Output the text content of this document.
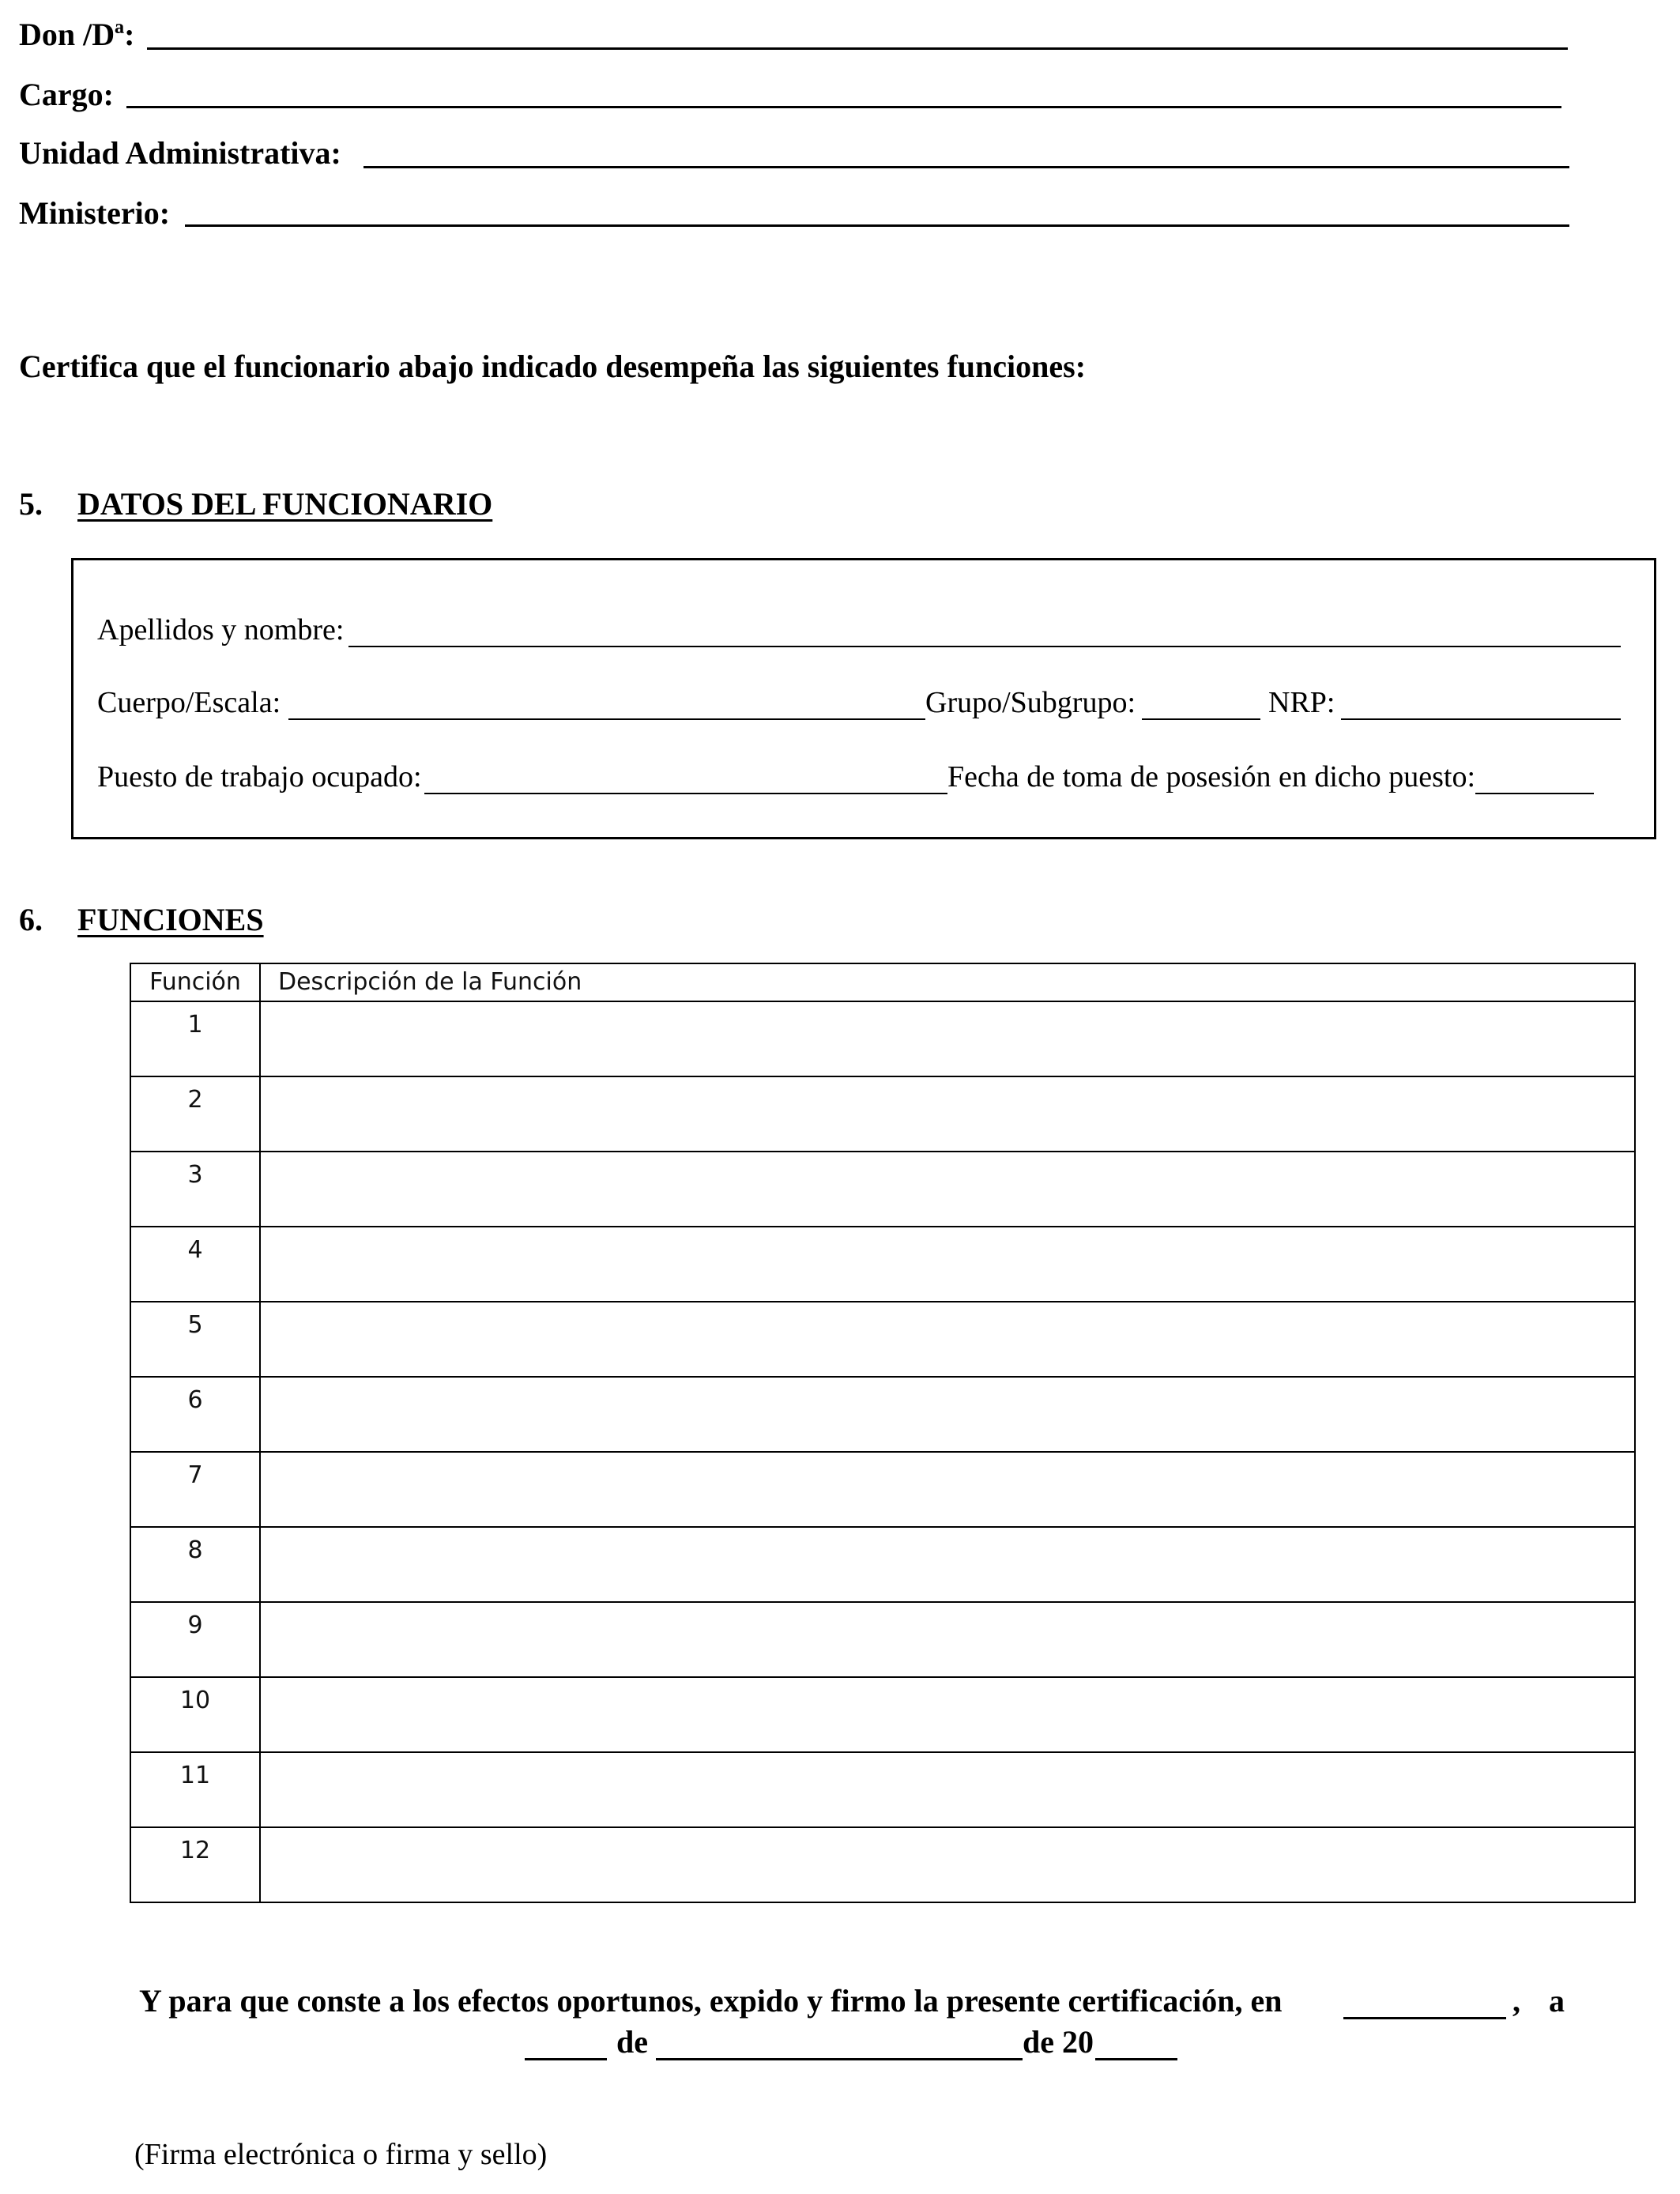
Don /Dª:
Cargo:
Unidad Administrativa:
Ministerio:
Certifica que el funcionario abajo indicado desempeña las siguientes funciones:
5. DATOS DEL FUNCIONARIO
Apellidos y nombre:
Cuerpo/Escala:	Grupo/Subgrupo:	NRP:
Puesto de trabajo ocupado:	Fecha de toma de posesión en dicho puesto:
6. FUNCIONES
Función	Descripción de la Función
1	
2	
3	
4	
5	
6	
7	
8	
9	
10	
11	
12	
Y para que conste a los efectos oportunos, expido y firmo la presente certificación, en	, a
de	de 20
(Firma electrónica o firma y sello)
